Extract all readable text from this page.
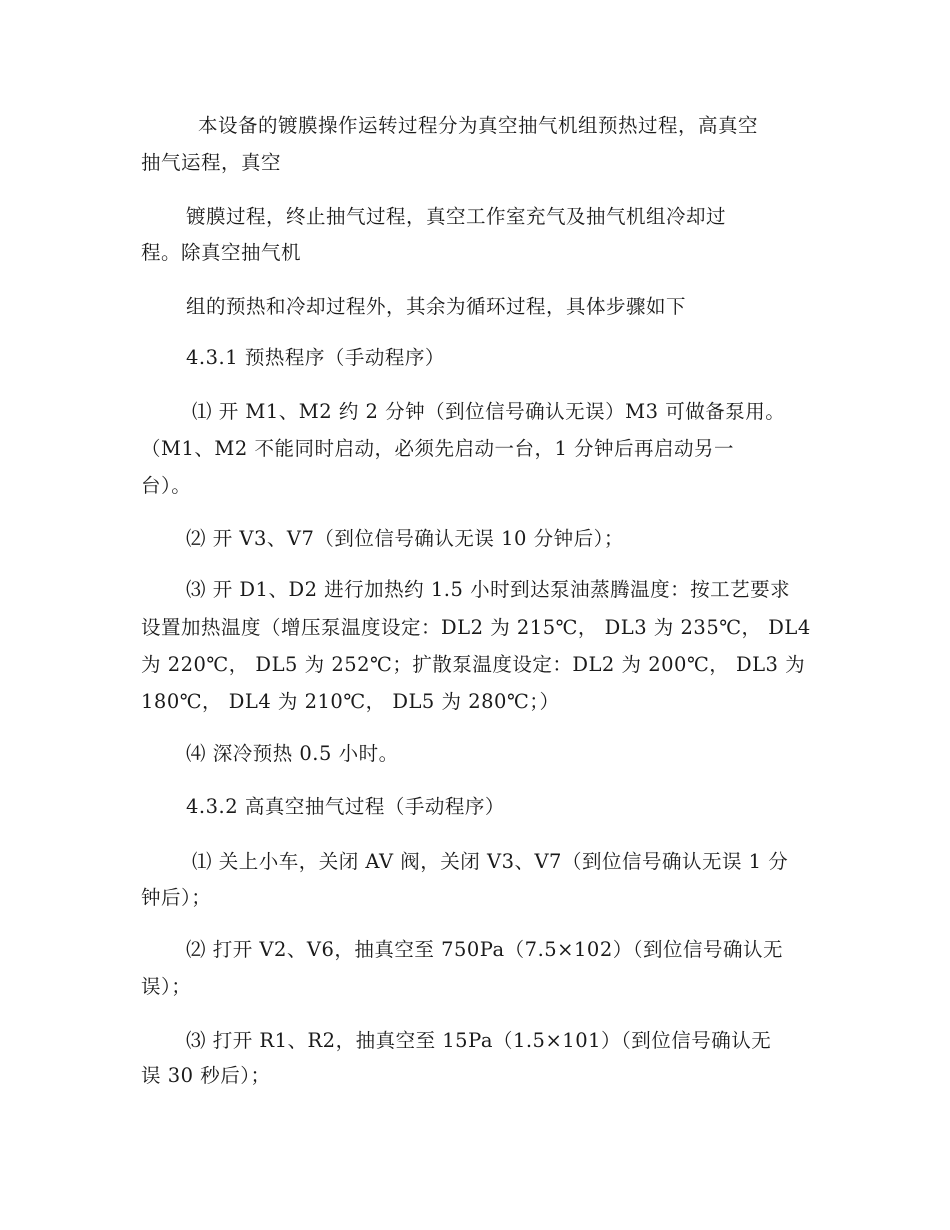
本设备的镀膜操作运转过程分为真空抽气机组预热过程，高真空
抽气运程，真空
镀膜过程，终止抽气过程，真空工作室充气及抽气机组冷却过
程。除真空抽气机
组的预热和冷却过程外，其余为循环过程，具体步骤如下
4.3.1 预热程序（手动程序）
⑴ 开 M1、M2 约 2 分钟（到位信号确认无误）M3 可做备泵用。
（M1、M2 不能同时启动，必须先启动一台，1 分钟后再启动另一
台）。
⑵ 开 V3、V7（到位信号确认无误 10 分钟后）；
⑶ 开 D1、D2 进行加热约 1.5 小时到达泵油蒸腾温度：按工艺要求
设置加热温度（增压泵温度设定：DL2 为 215℃， DL3 为 235℃， DL4
为 220℃， DL5 为 252℃；扩散泵温度设定：DL2 为 200℃， DL3 为
180℃， DL4 为 210℃， DL5 为 280℃；）
⑷ 深冷预热 0.5 小时。
4.3.2 高真空抽气过程（手动程序）
⑴ 关上小车，关闭 AV 阀，关闭 V3、V7（到位信号确认无误 1 分
钟后）；
⑵ 打开 V2、V6，抽真空至 750Pa（7.5×102）（到位信号确认无
误）；
⑶ 打开 R1、R2，抽真空至 15Pa（1.5×101）（到位信号确认无
误 30 秒后）；
